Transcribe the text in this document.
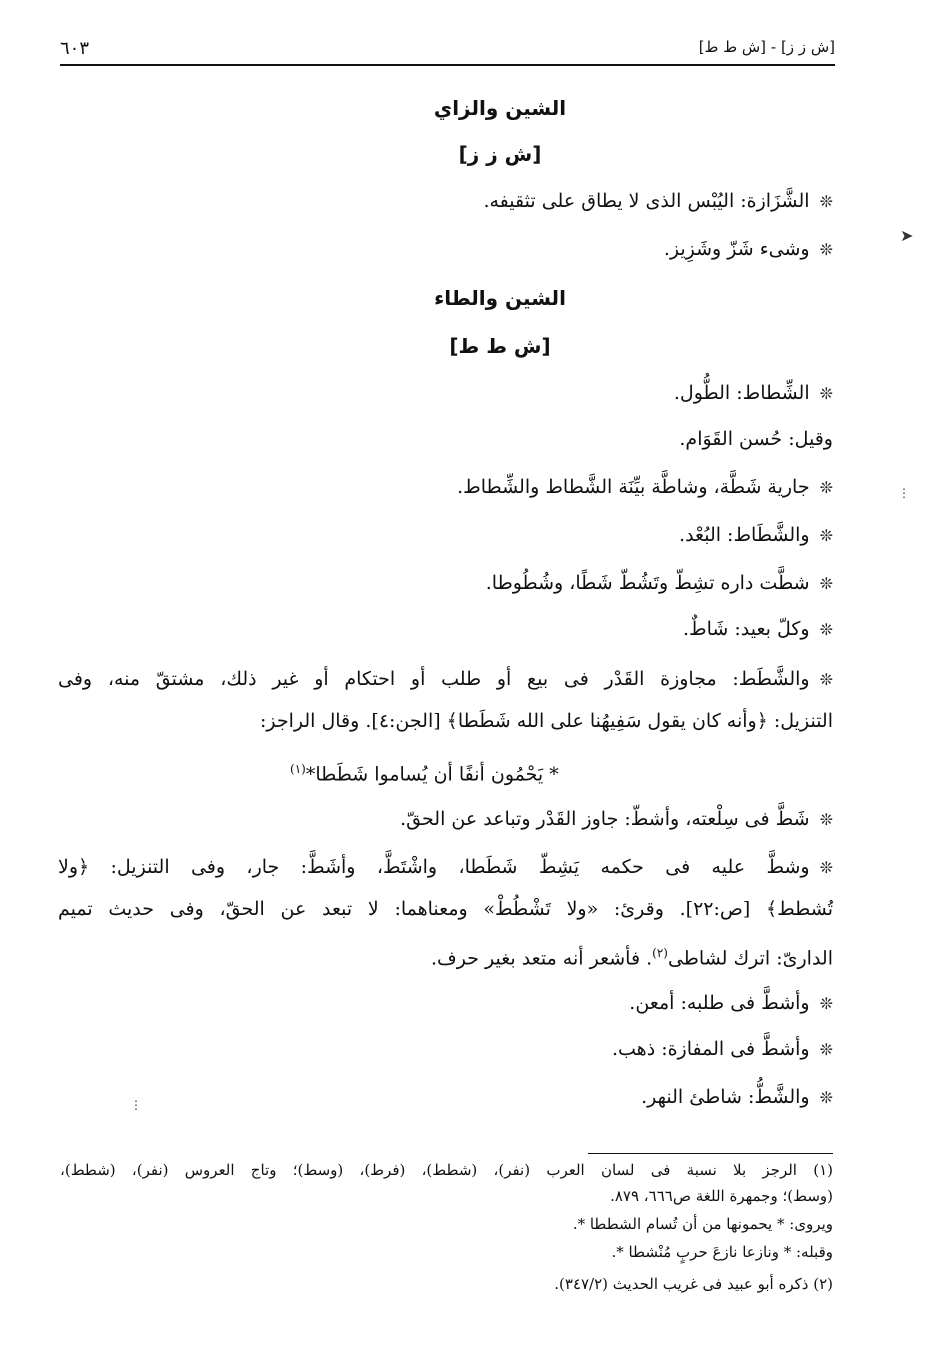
[ش ز ز] - [ش ط ط]
٦٠٣
الشين والزاي
[ش ز ز]
❊الشَّزَازة: اليُبْس الذى لا يطاق على تثقيفه.
❊وشىء شَزّ وشَزِيز.
الشين والطاء
[ش ط ط]
❊الشِّطاط: الطُّول.
وقيل: حُسن القَوَام.
❊جارية شَطَّة، وشاطَّة بيِّنَة الشَّطاط والشِّطاط.
❊والشَّطَاط: البُعْد.
❊شطَّت داره تشِطّ وتَشُطّ شَطًا، وشُطُوطا.
❊وكلّ بعيد: شَاطٌ.
❊والشَّطَط: مجاوزة القَدْر فى بيع أو طلب أو احتكام أو غير ذلك، مشتقّ منه، وفى
التنزيل: ﴿وأنه كان يقول سَفِيهُنا على الله شَطَطا﴾ [الجن:٤]. وقال الراجز:
* يَحْمُون أنفًا أن يُساموا شَطَطا*$^{(١)}$
❊شَطَّ فى سِلْعته، وأشطّ: جاوز القَدْر وتباعد عن الحقّ.
❊وشطَّ عليه فى حكمه يَشِطّ شَطَطا، واشْتَطَّ، وأشَطَّ: جار، وفى التنزيل: ﴿ولا
تُشطط﴾ [ص:٢٢]. وقرئ: «ولا تَشْطُطْ» ومعناهما: لا تبعد عن الحقّ، وفى حديث تميم
الدارىّ: اترك لشاطى$^{(٢)}$. فأشعر أنه متعد بغير حرف.
❊وأشطَّ فى طلبه: أمعن.
❊وأشطَّ فى المفازة: ذهب.
❊والشَّطُّ: شاطئ النهر.
(١) الرجز بلا نسبة فى لسان العرب (نفر)، (شطط)، (فرط)، (وسط)؛ وتاج العروس (نفر)، (شطط)،
(وسط)؛ وجمهرة اللغة ص٦٦٦، ٨٧٩.
ويروى: * يحمونها من أن تُسام الشططا *.
وقبله: * ونازعا نازعَ حربٍ مُنْشطا *.
(٢) ذكره أبو عبيد فى غريب الحديث (٣٤٧/٢).
➤
⋮
⋮
